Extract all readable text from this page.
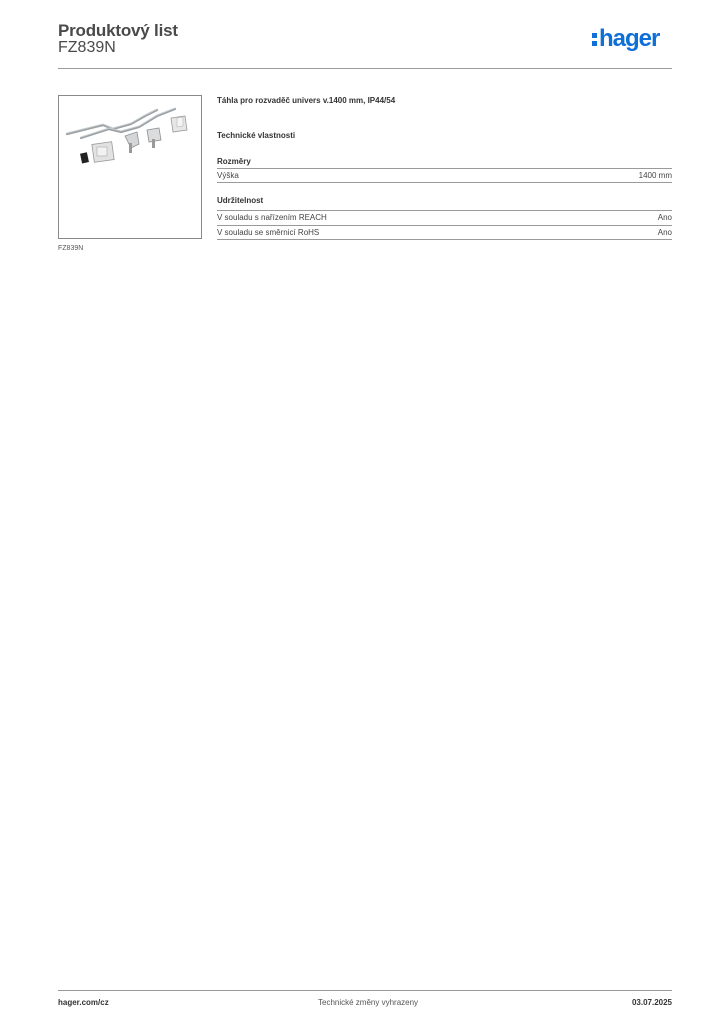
Produktový list
FZ839N	hager
FZ839N
Táhla pro rozvaděč univers v.1400 mm, IP44/54
Technické vlastnosti
Rozměry
Výška	1400 mm
Udržitelnost
V souladu s nařízením REACH	Ano
V souladu se směrnicí RoHS	Ano
hager.com/cz	Technické změny vyhrazeny	03.07.2025
